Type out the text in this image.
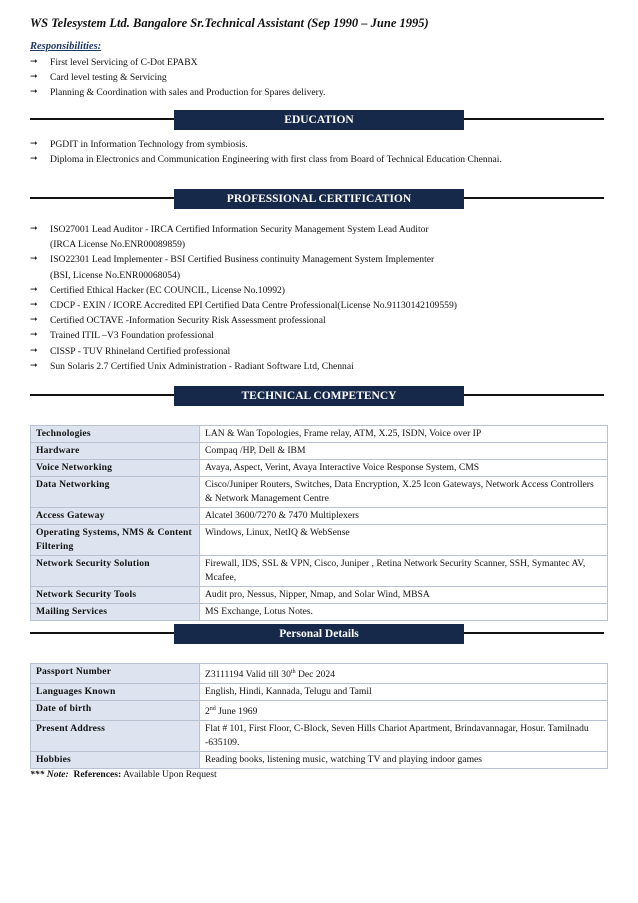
WS Telesystem Ltd. Bangalore Sr.Technical Assistant (Sep 1990 – June 1995)
Responsibilities:
➞ First level Servicing of C-Dot EPABX
➞ Card level testing & Servicing
➞ Planning & Coordination with sales and Production for Spares delivery.
EDUCATION
➞ PGDIT in Information Technology from symbiosis.
➞ Diploma in Electronics and Communication Engineering with first class from Board of Technical Education Chennai.
PROFESSIONAL CERTIFICATION
➞ ISO27001 Lead Auditor - IRCA Certified Information Security Management System Lead Auditor
(IRCA License No.ENR00089859)
➞ ISO22301 Lead Implementer - BSI Certified Business continuity Management System Implementer
(BSI, License No.ENR00068054)
➞ Certified Ethical Hacker (EC COUNCIL, License No.10992)
➞ CDCP - EXIN / ICORE Accredited EPI Certified Data Centre Professional(License No.91130142109559)
➞ Certified OCTAVE -Information Security Risk Assessment professional
➞ Trained ITIL –V3 Foundation professional
➞ CISSP - TUV Rhineland Certified professional
➞ Sun Solaris 2.7 Certified Unix Administration - Radiant Software Ltd, Chennai
TECHNICAL COMPETENCY
Technologies	LAN & Wan Topologies, Frame relay, ATM, X.25, ISDN, Voice over IP
Hardware	Compaq /HP, Dell & IBM
Voice Networking	Avaya, Aspect, Verint, Avaya Interactive Voice Response System, CMS
Data Networking	Cisco/Juniper Routers, Switches, Data Encryption, X.25 Icon Gateways, Network Access Controllers & Network Management Centre
Access Gateway	Alcatel 3600/7270 & 7470 Multiplexers
Operating Systems, NMS & Content Filtering	Windows, Linux, NetIQ & WebSense
Network Security Solution	Firewall, IDS, SSL & VPN, Cisco, Juniper , Retina Network Security Scanner, SSH, Symantec AV, Mcafee,
Network Security Tools	Audit pro, Nessus, Nipper, Nmap, and Solar Wind, MBSA
Mailing Services	MS Exchange, Lotus Notes.
Personal Details
Passport Number	Z3111194 Valid till 30th Dec 2024
Languages Known	English, Hindi, Kannada, Telugu and Tamil
Date of birth	2nd June 1969
Present Address	Flat # 101, First Floor, C-Block, Seven Hills Chariot Apartment, Brindavannagar, Hosur. Tamilnadu -635109.
Hobbies	Reading books, listening music, watching TV and playing indoor games
*** Note: References: Available Upon Request
